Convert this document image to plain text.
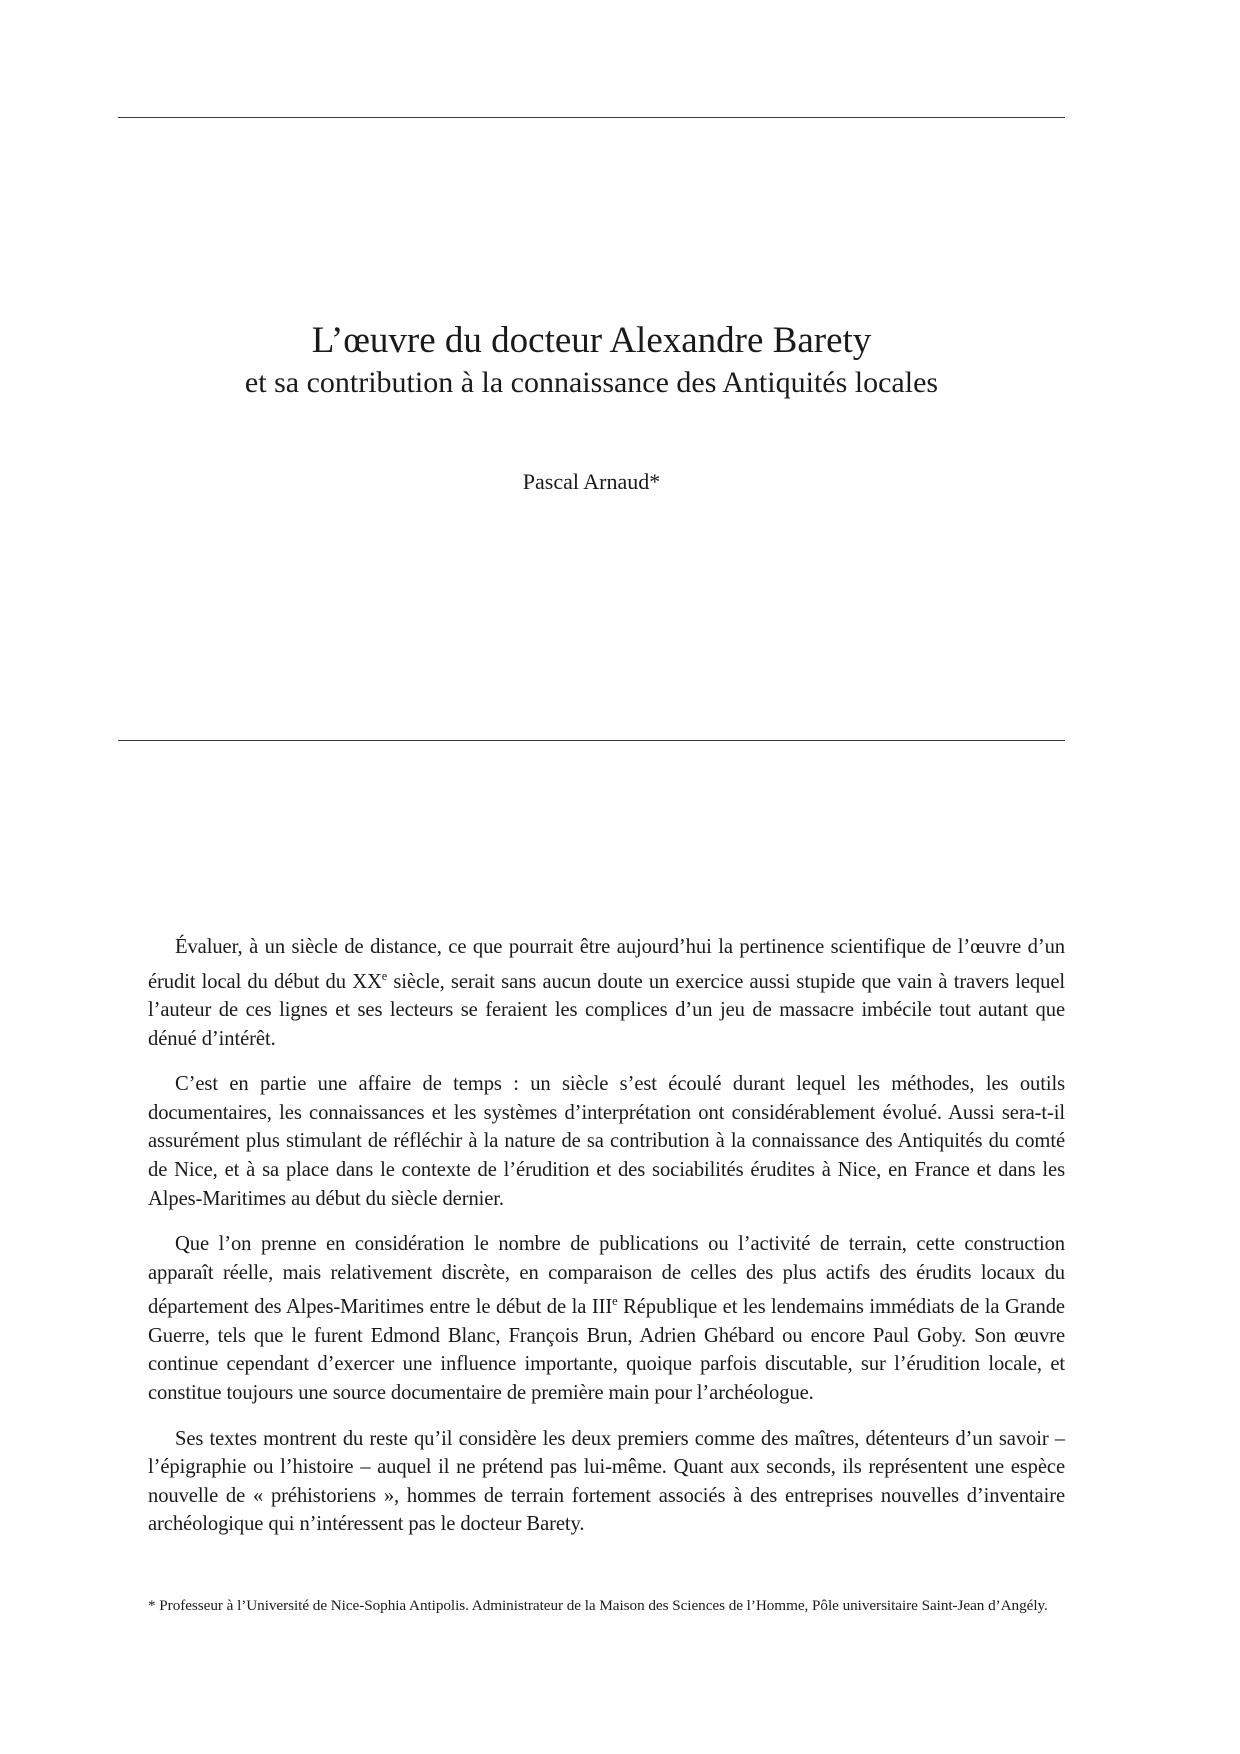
L’œuvre du docteur Alexandre Barety
et sa contribution à la connaissance des Antiquités locales
Pascal Arnaud*

Évaluer, à un siècle de distance, ce que pourrait être aujourd’hui la pertinence scientifique de l’œuvre d’un érudit local du début du XXe siècle, serait sans aucun doute un exercice aussi stupide que vain à travers lequel l’auteur de ces lignes et ses lecteurs se feraient les complices d’un jeu de massacre imbécile tout autant que dénué d’intérêt.

C’est en partie une affaire de temps : un siècle s’est écoulé durant lequel les méthodes, les outils documentaires, les connaissances et les systèmes d’interprétation ont considérablement évolué. Aussi sera-t-il assurément plus stimulant de réfléchir à la nature de sa contribution à la connaissance des Antiquités du comté de Nice, et à sa place dans le contexte de l’érudition et des sociabilités érudites à Nice, en France et dans les Alpes-Maritimes au début du siècle dernier.

Que l’on prenne en considération le nombre de publications ou l’activité de terrain, cette construction apparaît réelle, mais relativement discrète, en comparaison de celles des plus actifs des érudits locaux du département des Alpes-Maritimes entre le début de la IIIe République et les lendemains immédiats de la Grande Guerre, tels que le furent Edmond Blanc, François Brun, Adrien Ghébard ou encore Paul Goby. Son œuvre continue cependant d’exercer une influence importante, quoique parfois discutable, sur l’érudition locale, et constitue toujours une source documentaire de première main pour l’archéologue.

Ses textes montrent du reste qu’il considère les deux premiers comme des maîtres, détenteurs d’un savoir – l’épigraphie ou l’histoire – auquel il ne prétend pas lui-même. Quant aux seconds, ils représentent une espèce nouvelle de « préhistoriens », hommes de terrain fortement associés à des entreprises nouvelles d’inventaire archéologique qui n’intéressent pas le docteur Barety.

* Professeur à l’Université de Nice-Sophia Antipolis. Administrateur de la Maison des Sciences de l’Homme, Pôle universitaire Saint-Jean d’Angély.
